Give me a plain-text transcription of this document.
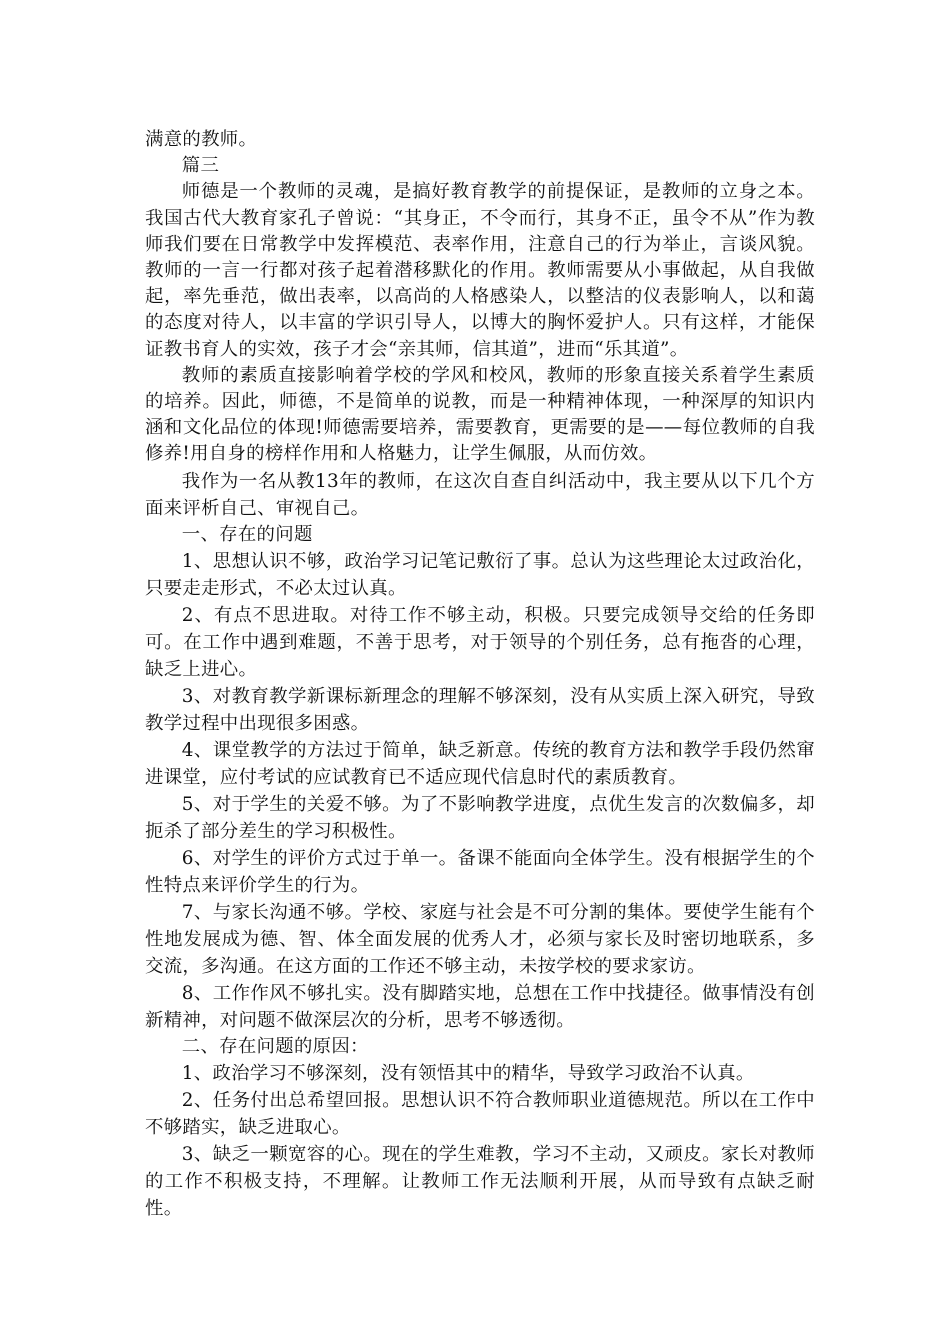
满意的教师。

篇三

师德是一个教师的灵魂，是搞好教育教学的前提保证，是教师的立身之本。我国古代大教育家孔子曾说：“其身正，不令而行，其身不正，虽令不从”作为教师我们要在日常教学中发挥模范、表率作用，注意自己的行为举止，言谈风貌。教师的一言一行都对孩子起着潜移默化的作用。教师需要从小事做起，从自我做起，率先垂范，做出表率，以高尚的人格感染人，以整洁的仪表影响人，以和蔼的态度对待人，以丰富的学识引导人，以博大的胸怀爱护人。只有这样，才能保证教书育人的实效，孩子才会“亲其师，信其道”，进而“乐其道”。

教师的素质直接影响着学校的学风和校风，教师的形象直接关系着学生素质的培养。因此，师德，不是简单的说教，而是一种精神体现，一种深厚的知识内涵和文化品位的体现!师德需要培养，需要教育，更需要的是——每位教师的自我修养!用自身的榜样作用和人格魅力，让学生佩服，从而仿效。

我作为一名从教13年的教师，在这次自查自纠活动中，我主要从以下几个方面来评析自己、审视自己。

一、存在的问题

1、思想认识不够，政治学习记笔记敷衍了事。总认为这些理论太过政治化，只要走走形式，不必太过认真。

2、有点不思进取。对待工作不够主动，积极。只要完成领导交给的任务即可。在工作中遇到难题，不善于思考，对于领导的个别任务，总有拖沓的心理，缺乏上进心。

3、对教育教学新课标新理念的理解不够深刻，没有从实质上深入研究，导致教学过程中出现很多困惑。

4、课堂教学的方法过于简单，缺乏新意。传统的教育方法和教学手段仍然窜进课堂，应付考试的应试教育已不适应现代信息时代的素质教育。

5、对于学生的关爱不够。为了不影响教学进度，点优生发言的次数偏多，却扼杀了部分差生的学习积极性。

6、对学生的评价方式过于单一。备课不能面向全体学生。没有根据学生的个性特点来评价学生的行为。

7、与家长沟通不够。学校、家庭与社会是不可分割的集体。要使学生能有个性地发展成为德、智、体全面发展的优秀人才，必须与家长及时密切地联系，多交流，多沟通。在这方面的工作还不够主动，未按学校的要求家访。

8、工作作风不够扎实。没有脚踏实地，总想在工作中找捷径。做事情没有创新精神，对问题不做深层次的分析，思考不够透彻。

二、存在问题的原因：

1、政治学习不够深刻，没有领悟其中的精华，导致学习政治不认真。

2、任务付出总希望回报。思想认识不符合教师职业道德规范。所以在工作中不够踏实，缺乏进取心。

3、缺乏一颗宽容的心。现在的学生难教，学习不主动，又顽皮。家长对教师的工作不积极支持，不理解。让教师工作无法顺利开展，从而导致有点缺乏耐性。
